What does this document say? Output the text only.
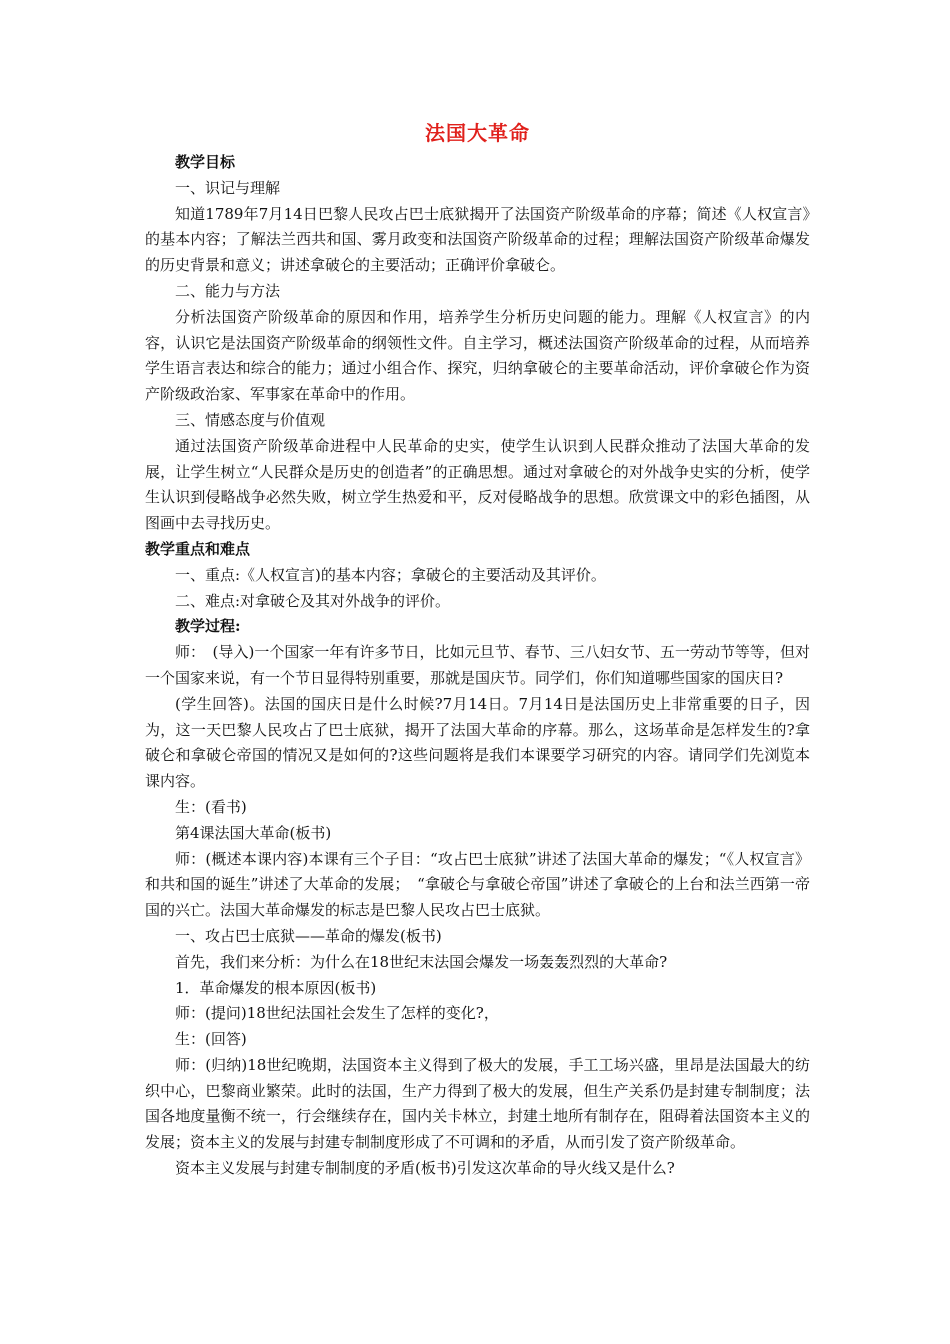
法国大革命

教学目标

一、识记与理解

知道1789年7月14日巴黎人民攻占巴士底狱揭开了法国资产阶级革命的序幕；简述《人权宣言》的基本内容；了解法兰西共和国、雾月政变和法国资产阶级革命的过程；理解法国资产阶级革命爆发的历史背景和意义；讲述拿破仑的主要活动；正确评价拿破仑。

二、能力与方法

分析法国资产阶级革命的原因和作用，培养学生分析历史问题的能力。理解《人权宣言》的内容，认识它是法国资产阶级革命的纲领性文件。自主学习，概述法国资产阶级革命的过程，从而培养学生语言表达和综合的能力；通过小组合作、探究，归纳拿破仑的主要革命活动，评价拿破仑作为资产阶级政治家、军事家在革命中的作用。

三、情感态度与价值观

通过法国资产阶级革命进程中人民革命的史实，使学生认识到人民群众推动了法国大革命的发展，让学生树立“人民群众是历史的创造者”的正确思想。通过对拿破仑的对外战争史实的分析，使学生认识到侵略战争必然失败，树立学生热爱和平，反对侵略战争的思想。欣赏课文中的彩色插图，从图画中去寻找历史。

教学重点和难点

一、重点:《人权宣言)的基本内容；拿破仑的主要活动及其评价。

二、难点:对拿破仑及其对外战争的评价。

教学过程:

师：　(导入)一个国家一年有许多节日，比如元旦节、春节、三八妇女节、五一劳动节等等，但对一个国家来说，有一个节日显得特别重要，那就是国庆节。同学们，你们知道哪些国家的国庆日?

(学生回答)。法国的国庆日是什么时候?7月14日。7月14日是法国历史上非常重要的日子，因为，这一天巴黎人民攻占了巴士底狱，揭开了法国大革命的序幕。那么，这场革命是怎样发生的?拿破仑和拿破仑帝国的情况又是如何的?这些问题将是我们本课要学习研究的内容。请同学们先浏览本课内容。

生：(看书)

第4课法国大革命(板书)

师：(概述本课内容)本课有三个子目：“攻占巴士底狱”讲述了法国大革命的爆发；“《人权宣言》和共和国的诞生”讲述了大革命的发展；　“拿破仑与拿破仑帝国”讲述了拿破仑的上台和法兰西第一帝国的兴亡。法国大革命爆发的标志是巴黎人民攻占巴士底狱。

一、攻占巴士底狱——革命的爆发(板书)

首先，我们来分析：为什么在18世纪末法国会爆发一场轰轰烈烈的大革命?

1．革命爆发的根本原因(板书)

师：(提问)18世纪法国社会发生了怎样的变化?，

生：(回答)

师：(归纳)18世纪晚期，法国资本主义得到了极大的发展，手工工场兴盛，里昂是法国最大的纺织中心，巴黎商业繁荣。此时的法国，生产力得到了极大的发展，但生产关系仍是封建专制制度；法国各地度量衡不统一，行会继续存在，国内关卡林立，封建土地所有制存在，阻碍着法国资本主义的发展；资本主义的发展与封建专制制度形成了不可调和的矛盾，从而引发了资产阶级革命。

资本主义发展与封建专制制度的矛盾(板书)引发这次革命的导火线又是什么?
